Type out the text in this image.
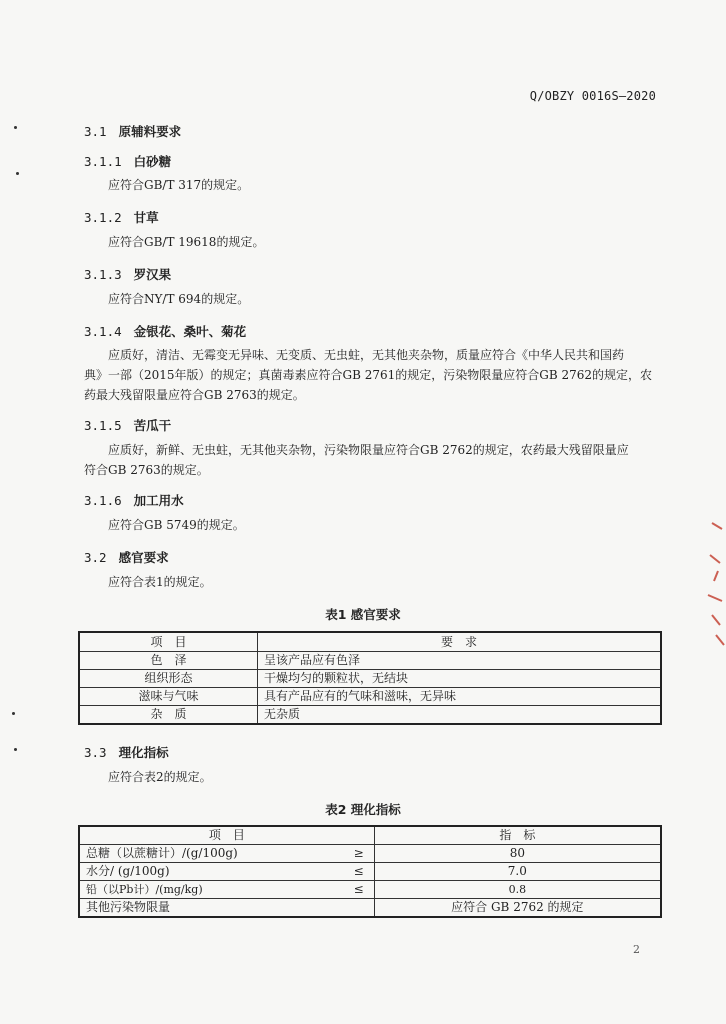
Q/OBZY 0016S—2020
3.1 原辅料要求
3.1.1 白砂糖
应符合GB/T 317的规定。
3.1.2 甘草
应符合GB/T 19618的规定。
3.1.3 罗汉果
应符合NY/T 694的规定。
3.1.4 金银花、桑叶、菊花
应质好，清洁、无霉变无异味、无变质、无虫蛀，无其他夹杂物，质量应符合《中华人民共和国药
典》一部（2015年版）的规定；真菌毒素应符合GB 2761的规定，污染物限量应符合GB 2762的规定，农
药最大残留限量应符合GB 2763的规定。
3.1.5 苦瓜干
应质好，新鲜、无虫蛀，无其他夹杂物，污染物限量应符合GB 2762的规定，农药最大残留限量应
符合GB 2763的规定。
3.1.6 加工用水
应符合GB 5749的规定。
3.2 感官要求
应符合表1的规定。
表1 感官要求
项　目	要　求
色　泽	呈该产品应有色泽
组织形态	干燥均匀的颗粒状，无结块
滋味与气味	具有产品应有的气味和滋味，无异味
杂　质	无杂质
3.3 理化指标
应符合表2的规定。
表2 理化指标
项　目		指　标
总糖（以蔗糖计）/(g/100g)	≥	80
水分/ (g/100g)	≤	7.0
铅（以Pb计）/(mg/kg)	≤	0.8
其他污染物限量		应符合 GB 2762 的规定
2
